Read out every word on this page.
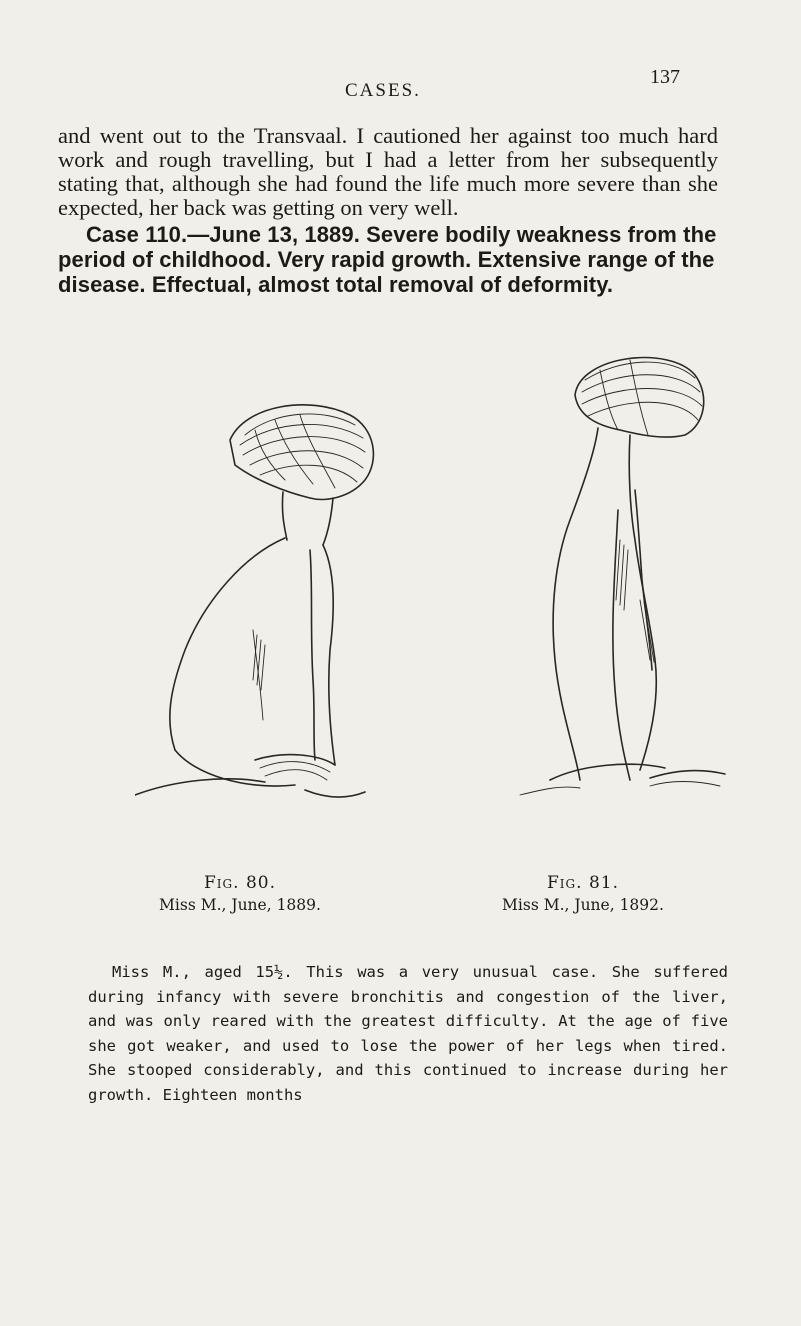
CASES.
137

and went out to the Transvaal. I cautioned her against too much hard work and rough travelling, but I had a letter from her subsequently stating that, although she had found the life much more severe than she expected, her back was getting on very well.

Case 110.—June 13, 1889. Severe bodily weakness from the period of childhood. Very rapid growth. Extensive range of the disease. Effectual, almost total removal of deformity.

Fig. 80.
Miss M., June, 1889.
Fig. 81.
Miss M., June, 1892.

Miss M., aged 15½. This was a very unusual case. She suffered during infancy with severe bronchitis and congestion of the liver, and was only reared with the greatest difficulty. At the age of five she got weaker, and used to lose the power of her legs when tired. She stooped considerably, and this continued to increase during her growth. Eighteen months
